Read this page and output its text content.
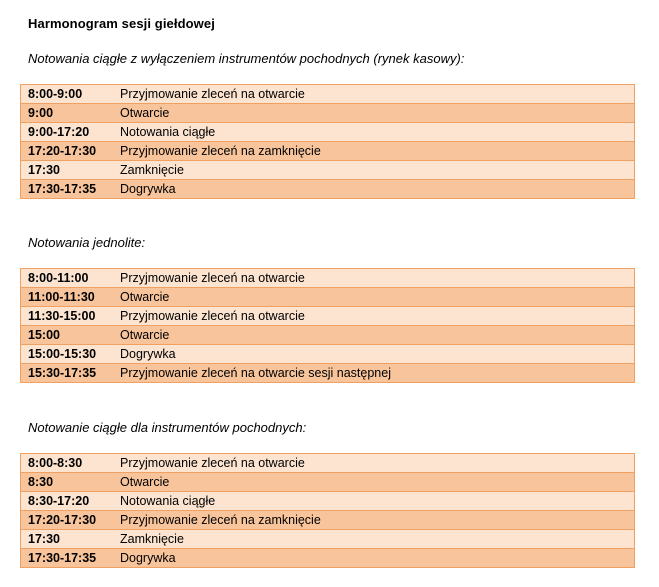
Harmonogram sesji giełdowej
Notowania ciągłe z wyłączeniem instrumentów pochodnych (rynek kasowy):
8:00-9:00	Przyjmowanie zleceń na otwarcie
9:00	Otwarcie
9:00-17:20	Notowania ciągłe
17:20-17:30	Przyjmowanie zleceń na zamknięcie
17:30	Zamknięcie
17:30-17:35	Dogrywka
Notowania jednolite:
8:00-11:00	Przyjmowanie zleceń na otwarcie
11:00-11:30	Otwarcie
11:30-15:00	Przyjmowanie zleceń na otwarcie
15:00	Otwarcie
15:00-15:30	Dogrywka
15:30-17:35	Przyjmowanie zleceń na otwarcie sesji następnej
Notowanie ciągłe dla instrumentów pochodnych:
8:00-8:30	Przyjmowanie zleceń na otwarcie
8:30	Otwarcie
8:30-17:20	Notowania ciągłe
17:20-17:30	Przyjmowanie zleceń na zamknięcie
17:30	Zamknięcie
17:30-17:35	Dogrywka
